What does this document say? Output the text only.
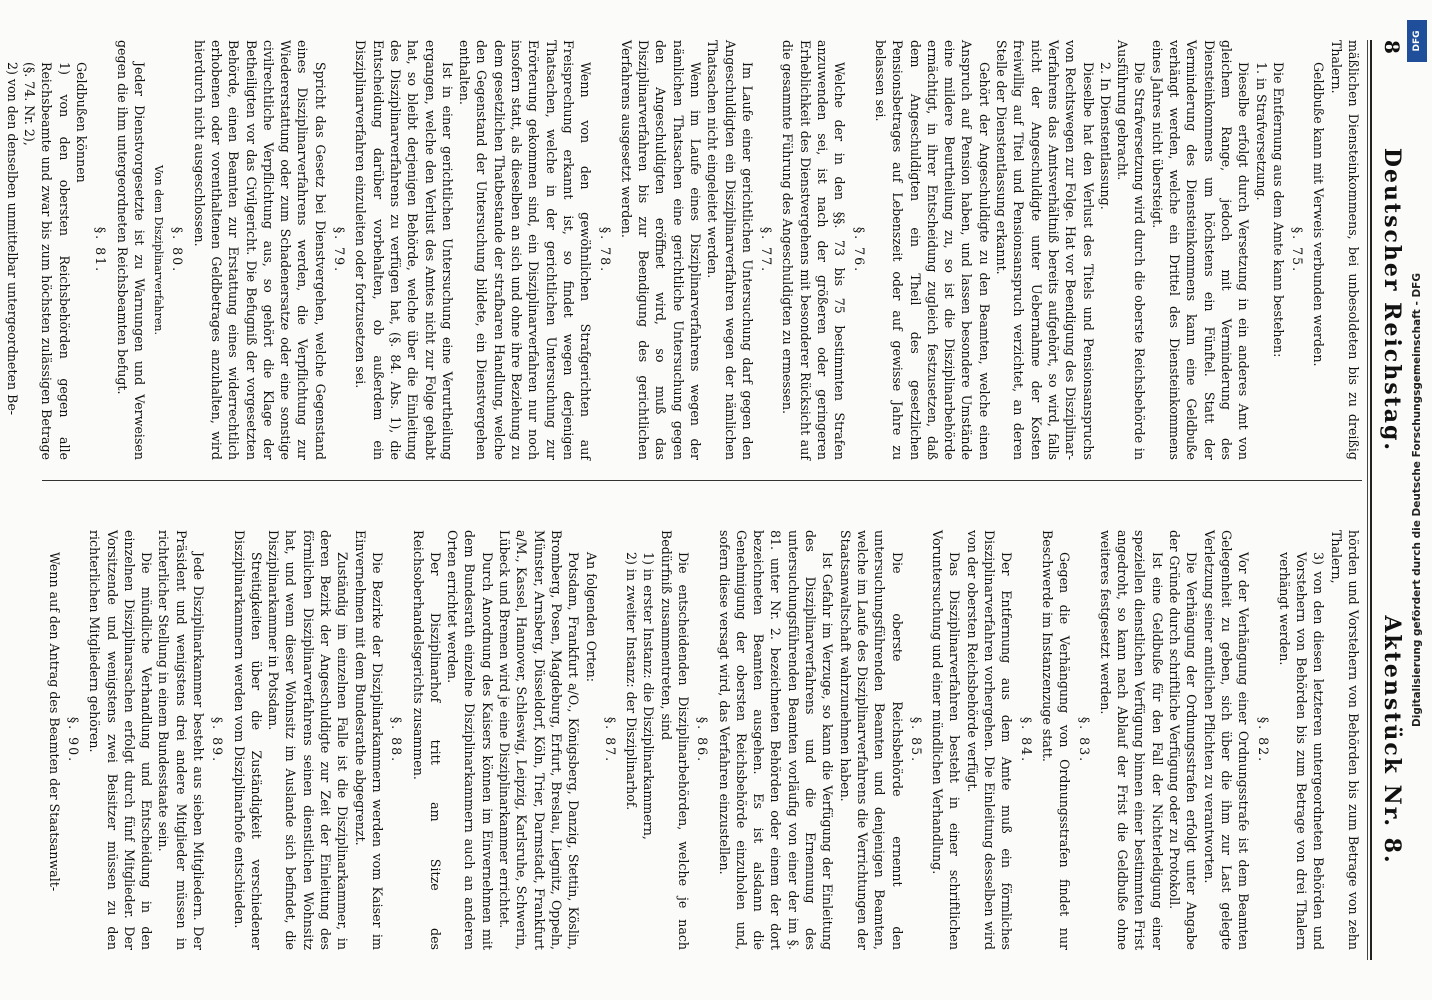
8
Deutscher Reichstag.
Aktenstück Nr. 8.

mäßlichen Diensteinkommens, bei unbesoldeten bis zu dreißig Thalern.

Geldbuße kann mit Verweis verbunden werden.

§. 75.

Die Entfernung aus dem Amte kann bestehen:

1. in Strafversetzung.

Dieselbe erfolgt durch Versetzung in ein anderes Amt von gleichem Range, jedoch mit Verminderung des Diensteinkommens um höchstens ein Fünftel. Statt der Verminderung des Diensteinkommens kann eine Geldbuße verhängt werden, welche ein Drittel des Diensteinkommens eines Jahres nicht übersteigt.

Die Strafversetzung wird durch die oberste Reichsbehörde in Ausführung gebracht.

2. In Dienstentlassung.

Dieselbe hat den Verlust des Titels und Pensionsanspruchs von Rechtswegen zur Folge. Hat vor Beendigung des Disziplinar-Verfahrens das Amtsverhältniß bereits aufgehört, so wird, falls nicht der Angeschuldigte unter Uebernahme der Kosten freiwillig auf Titel und Pensionsanspruch verzichtet, an deren Stelle der Dienstentlassung erkannt.

Gehört der Angeschuldigte zu den Beamten, welche einen Anspruch auf Pension haben, und lassen besondere Umstände eine mildere Beurtheilung zu, so ist die Disziplinarbehörde ermächtigt, in ihrer Entscheidung zugleich festzusetzen, daß dem Angeschuldigten ein Theil des gesetzlichen Pensionsbetrages auf Lebenszeit oder auf gewisse Jahre zu belassen sei.

§. 76.

Welche der in den §§. 73 bis 75 bestimmten Strafen anzuwenden sei, ist nach der größeren oder geringeren Erheblichkeit des Dienstvergehens mit besonderer Rücksicht auf die gesammte Führung des Angeschuldigten zu ermessen.

§. 77.

Im Laufe einer gerichtlichen Untersuchung darf gegen den Angeschuldigten ein Disziplinarverfahren wegen der nämlichen Thatsachen nicht eingeleitet werden.

Wenn im Laufe eines Disziplinarverfahrens wegen der nämlichen Thatsachen eine gerichtliche Untersuchung gegen den Angeschuldigten eröffnet wird, so muß das Disziplinarverfahren bis zur Beendigung des gerichtlichen Verfahrens ausgesetzt werden.

§. 78.

Wenn von den gewöhnlichen Strafgerichten auf Freisprechung erkannt ist, so findet wegen derjenigen Thatsachen, welche in der gerichtlichen Untersuchung zur Erörterung gekommen sind, ein Disziplinarverfahren nur noch insofern statt, als dieselben an sich und ohne ihre Beziehung zu dem gesetzlichen Thatbestande der strafbaren Handlung, welche den Gegenstand der Untersuchung bildete, ein Dienstvergehen enthalten.

Ist in einer gerichtlichen Untersuchung eine Verurtheilung ergangen, welche den Verlust des Amtes nicht zur Folge gehabt hat, so bleibt derjenigen Behörde, welche über die Einleitung des Disziplinarverfahrens zu verfügen hat, (§. 84. Abs. 1), die Entscheidung darüber vorbehalten, ob außerdem ein Disziplinarverfahren einzuleiten oder fortzusetzen sei.

§. 79.

Spricht das Gesetz bei Dienstvergehen, welche Gegenstand eines Disziplinarverfahrens werden, die Verpflichtung zur Wiedererstattung oder zum Schadenersatze oder eine sonstige civilrechtliche Verpflichtung aus, so gehört die Klage der Betheiligten vor das Civilgericht. Die Befugniß der vorgesetzten Behörde, einen Beamten zur Erstattung eines widerrechtlich erhobenen oder vorenthaltenen Geldbetrages anzuhalten, wird hierdurch nicht ausgeschlossen.

§. 80.

Von dem Disziplinarverfahren.

Jeder Dienstvorgesetzte ist zu Warnungen und Verweisen gegen die ihm untergeordneten Reichsbeamten befugt.

§. 81.

Geldbußen können

1) von den obersten Reichsbehörden gegen alle Reichsbeamte und zwar bis zum höchsten zulässigen Betrage (§. 74. Nr. 2),

2) von den denselben unmittelbar untergeordneten Be-

hörden und Vorstehern von Behörden bis zum Betrage von zehn Thalern,

3) von den diesen letzteren untergeordneten Behörden und Vorstehern von Behörden bis zum Betrage von drei Thalern verhängt werden.

§. 82.

Vor der Verhängung einer Ordnungsstrafe ist dem Beamten Gelegenheit zu geben, sich über die ihm zur Last gelegte Verletzung seiner amtlichen Pflichten zu verantworten.

Die Verhängung der Ordnungsstrafen erfolgt unter Angabe der Gründe durch schriftliche Verfügung oder zu Protokoll.

Ist eine Geldbuße für den Fall der Nichterledigung einer speziellen dienstlichen Verfügung binnen einer bestimmten Frist angedroht, so kann nach Ablauf der Frist die Geldbuße ohne weiteres festgesetzt werden.

§. 83.

Gegen die Verhängung von Ordnungsstrafen findet nur Beschwerde im Instanzenzuge statt.

§. 84.

Der Entfernung aus dem Amte muß ein förmliches Disziplinarverfahren vorhergehen. Die Einleitung desselben wird von der obersten Reichsbehörde verfügt.

Das Disziplinarverfahren besteht in einer schriftlichen Voruntersuchung und einer mündlichen Verhandlung.

§. 85.

Die oberste Reichsbehörde ernennt den untersuchungsführenden Beamten und denjenigen Beamten, welche im Laufe des Disziplinarverfahrens die Verrichtungen der Staatsanwaltschaft wahrzunehmen haben.

Ist Gefahr im Verzuge, so kann die Verfügung der Einleitung des Disziplinarverfahrens und die Ernennung des untersuchungsführenden Beamten vorläufig von einer der im §. 81. unter Nr. 2. bezeichneten Behörden oder einem der dort bezeichneten Beamten ausgehen. Es ist alsdann die Genehmigung der obersten Reichsbehörde einzuholen und, sofern diese versagt wird, das Verfahren einzustellen.

§. 86.

Die entscheidenden Disziplinarbehörden, welche je nach Bedürfniß zusammentreten, sind

1) in erster Instanz: die Disziplinarkammern,

2) in zweiter Instanz: der Disziplinarhof.

§. 87.

An folgenden Orten:

Potsdam, Frankfurt a/O., Königsberg, Danzig, Stettin, Köslin, Bromberg, Posen, Magdeburg, Erfurt, Breslau, Liegnitz, Oppeln, Münster, Arnsberg, Düsseldorf, Köln, Trier, Darmstadt, Frankfurt a/M., Kassel, Hannover, Schleswig, Leipzig, Karlsruhe, Schwerin, Lübeck und Bremen wird je eine Disziplinarkammer errichtet.

Durch Anordnung des Kaisers können im Einvernehmen mit dem Bundesrath einzelne Disziplinarkammern auch an anderen Orten errichtet werden.

Der Disziplinarhof tritt am Sitze des Reichsoberhandelsgerichts zusammen.

§. 88.

Die Bezirke der Disziplinarkammern werden vom Kaiser im Einvernehmen mit dem Bundesrathe abgegrenzt.

Zuständig im einzelnen Falle ist die Disziplinarkammer, in deren Bezirk der Angeschuldigte zur Zeit der Einleitung des förmlichen Disziplinarverfahrens seinen dienstlichen Wohnsitz hat, und wenn dieser Wohnsitz im Auslande sich befindet, die Disziplinarkammer in Potsdam.

Streitigkeiten über die Zuständigkeit verschiedener Disziplinarkammern werden vom Disziplinarhofe entschieden.

§. 89.

Jede Disziplinarkammer besteht aus sieben Mitgliedern. Der Präsident und wenigstens drei andere Mitglieder müssen in richterlicher Stellung in einem Bundesstaate sein.

Die mündliche Verhandlung und Entscheidung in den einzelnen Disziplinarsachen erfolgt durch fünf Mitglieder. Der Vorsitzende und wenigstens zwei Beisitzer müssen zu den richterlichen Mitgliedern gehören.

§. 90.

Wenn auf den Antrag des Beamten der Staatsanwalt-

DFG
Digitalisierung gefördert durch die Deutsche Forschungsgemeinschaft - DFG
